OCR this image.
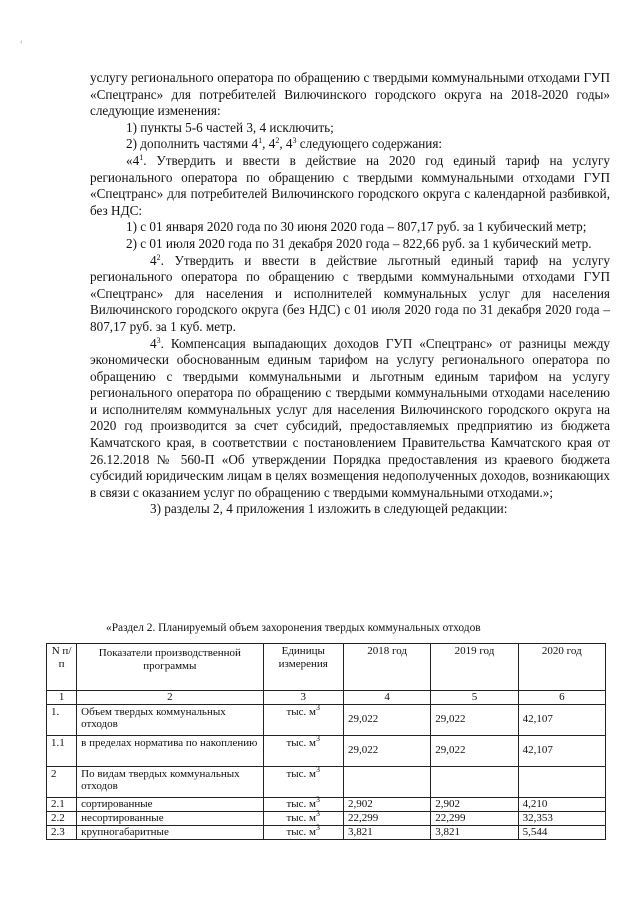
‹

услугу регионального оператора по обращению с твердыми коммунальными отходами ГУП «Спецтранс» для потребителей Вилючинского городского округа на 2018-2020 годы» следующие изменения:

1) пункты 5-6 частей 3, 4 исключить;

2) дополнить частями $4^1$, $4^2$, $4^3$ следующего содержания:

«$4^1$. Утвердить и ввести в действие на 2020 год единый тариф на услугу регионального оператора по обращению с твердыми коммунальными отходами ГУП «Спецтранс» для потребителей Вилючинского городского округа с календарной разбивкой, без НДС:

1) с 01 января 2020 года по 30 июня 2020 года – 807,17 руб. за 1 кубический метр;

2) с 01 июля 2020 года по 31 декабря 2020 года – 822,66 руб. за 1 кубический метр.

$4^2$. Утвердить и ввести в действие льготный единый тариф на услугу регионального оператора по обращению с твердыми коммунальными отходами ГУП «Спецтранс» для населения и исполнителей коммунальных услуг для населения Вилючинского городского округа (без НДС) с 01 июля 2020 года по 31 декабря 2020 года – 807,17 руб. за 1 куб. метр.

$4^3$. Компенсация выпадающих доходов ГУП «Спецтранс» от разницы между экономически обоснованным единым тарифом на услугу регионального оператора по обращению с твердыми коммунальными и льготным единым тарифом на услугу регионального оператора по обращению с твердыми коммунальными отходами населению и исполнителям коммунальных услуг для населения Вилючинского городского округа на 2020 год производится за счет субсидий, предоставляемых предприятию из бюджета Камчатского края, в соответствии с постановлением Правительства Камчатского края от 26.12.2018 № 560-П «Об утверждении Порядка предоставления из краевого бюджета субсидий юридическим лицам в целях возмещения недополученных доходов, возникающих в связи с оказанием услуг по обращению с твердыми коммунальными отходами.»;

3) разделы 2, 4 приложения 1 изложить в следующей редакции:

«Раздел 2. Планируемый объем захоронения твердых коммунальных отходов
N п/п	Показатели производственной программы	Единицы измерения	2018 год	2019 год	2020 год
1	2	3	4	5	6
1.	Объем твердых коммунальных отходов	тыс. $м^3$	29,022	29,022	42,107
1.1	в пределах норматива по накоплению	тыс. $м^3$	29,022	29,022	42,107
2	По видам твердых коммунальных отходов	тыс. $м^3$			
2.1	сортированные	тыс. $м^3$	2,902	2,902	4,210
2.2	несортированные	тыс. $м^3$	22,299	22,299	32,353
2.3	крупногабаритные	тыс. $м^3$	3,821	3,821	5,544
